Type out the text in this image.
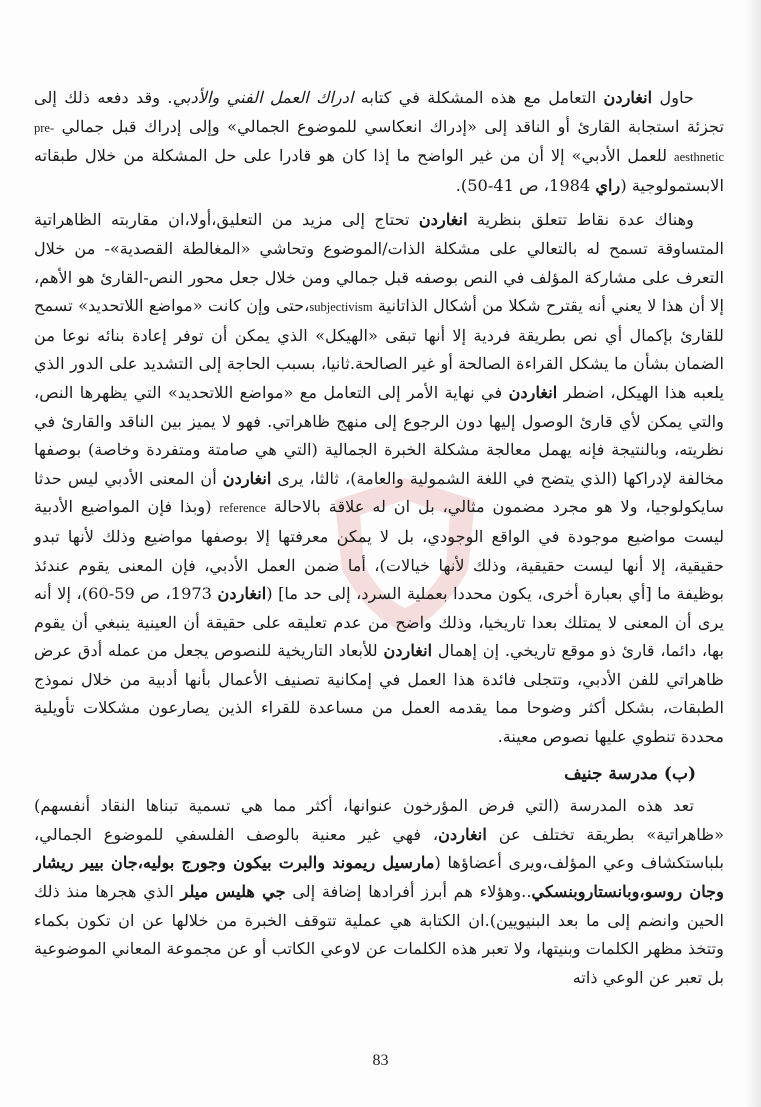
حاول انغاردن التعامل مع هذه المشكلة في كتابه ادراك العمل الفني والأدبي. وقد دفعه ذلك إلى تجزئة استجابة القارئ أو الناقد إلى «إدراك انعكاسي للموضوع الجمالي» وإلى إدراك قبل جمالي pre-aesthnetic للعمل الأدبي» إلا أن من غير الواضح ما إذا كان هو قادرا على حل المشكلة من خلال طبقاته الابستمولوجية (راي 1984، ص 41-50).

وهناك عدة نقاط تتعلق بنظرية انغاردن تحتاج إلى مزيد من التعليق،أولا،ان مقاربته الظاهراتية المتساوقة تسمح له بالتعالي على مشكلة الذات/الموضوع وتحاشي «المغالطة القصدية»- من خلال التعرف على مشاركة المؤلف في النص بوصفه قبل جمالي ومن خلال جعل محور النص-القارئ هو الأهم، إلا أن هذا لا يعني أنه يقترح شكلا من أشكال الذاتانية subjectivism،حتى وإن كانت «مواضع اللاتحديد» تسمح للقارئ بإكمال أي نص بطريقة فردية إلا أنها تبقى «الهيكل» الذي يمكن أن توفر إعادة بنائه نوعا من الضمان بشأن ما يشكل القراءة الصالحة أو غير الصالحة.ثانيا، بسبب الحاجة إلى التشديد على الدور الذي يلعبه هذا الهيكل، اضطر انغاردن في نهاية الأمر إلى التعامل مع «مواضع اللاتحديد» التي يظهرها النص، والتي يمكن لأي قارئ الوصول إليها دون الرجوع إلى منهج ظاهراتي. فهو لا يميز بين الناقد والقارئ في نظريته، وبالنتيجة فإنه يهمل معالجة مشكلة الخبرة الجمالية (التي هي صامتة ومتفردة وخاصة) بوصفها مخالفة لإدراكها (الذي يتضح في اللغة الشمولية والعامة)، ثالثا، يرى انغاردن أن المعنى الأدبي ليس حدثا سايكولوجيا، ولا هو مجرد مضمون مثالي، بل ان له علاقة بالاحالة reference (وبذا فإن المواضيع الأدبية ليست مواضيع موجودة في الواقع الوجودي، بل لا يمكن معرفتها إلا بوصفها مواضيع وذلك لأنها تبدو حقيقية، إلا أنها ليست حقيقية، وذلك لأنها خيالات)، أما ضمن العمل الأدبي، فإن المعنى يقوم عندئذ بوظيفة ما [أي بعبارة أخرى، يكون محددا بعملية السرد، إلى حد ما] (انغاردن 1973، ص 59-60)، إلا أنه يرى أن المعنى لا يمتلك بعدا تاريخيا، وذلك واضح من عدم تعليقه على حقيقة أن العينية ينبغي أن يقوم بها، دائما، قارئ ذو موقع تاريخي. إن إهمال انغاردن للأبعاد التاريخية للنصوص يجعل من عمله أدق عرض ظاهراتي للفن الأدبي، وتتجلى فائدة هذا العمل في إمكانية تصنيف الأعمال بأنها أدبية من خلال نموذج الطبقات، بشكل أكثر وضوحا مما يقدمه العمل من مساعدة للقراء الذين يصارعون مشكلات تأويلية محددة تنطوي عليها نصوص معينة.

(ب) مدرسة جنيف

تعد هذه المدرسة (التي فرض المؤرخون عنوانها، أكثر مما هي تسمية تبناها النقاد أنفسهم) «ظاهراتية» بطريقة تختلف عن انغاردن، فهي غير معنية بالوصف الفلسفي للموضوع الجمالي، بلباستكشاف وعي المؤلف،ويرى أعضاؤها (مارسيل ريموند والبرت بيكون وجورج بوليه،جان بيير ريشار وجان روسو،وبانستاروبنسكي..وهؤلاء هم أبرز أفرادها إضافة إلى جي هليس ميلر الذي هجرها منذ ذلك الحين وانضم إلى ما بعد البنيويين).ان الكتابة هي عملية تتوقف الخبرة من خلالها عن ان تكون بكماء وتتخذ مظهر الكلمات وبنيتها، ولا تعبر هذه الكلمات عن لاوعي الكاتب أو عن مجموعة المعاني الموضوعية بل تعبر عن الوعي ذاته

83
